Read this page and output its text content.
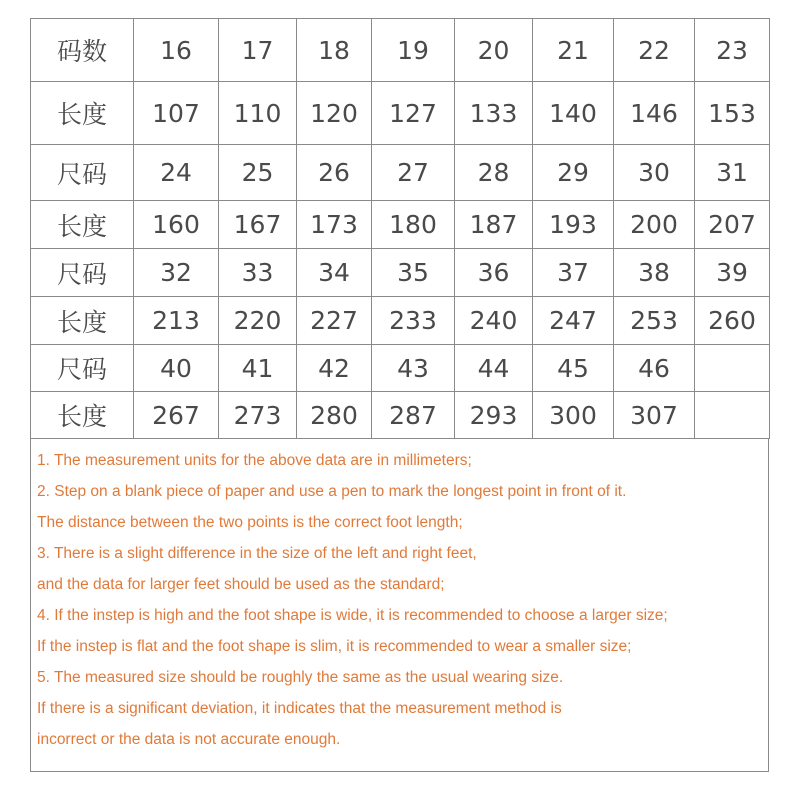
码数	16	17	18	19	20	21	22	23
长度	107	110	120	127	133	140	146	153
尺码	24	25	26	27	28	29	30	31
长度	160	167	173	180	187	193	200	207
尺码	32	33	34	35	36	37	38	39
长度	213	220	227	233	240	247	253	260
尺码	40	41	42	43	44	45	46	
长度	267	273	280	287	293	300	307	
1. The measurement units for the above data are in millimeters;
2. Step on a blank piece of paper and use a pen to mark the longest point in front of it.
The distance between the two points is the correct foot length;
3. There is a slight difference in the size of the left and right feet,
and the data for larger feet should be used as the standard;
4. If the instep is high and the foot shape is wide, it is recommended to choose a larger size;
If the instep is flat and the foot shape is slim, it is recommended to wear a smaller size;
5. The measured size should be roughly the same as the usual wearing size.
If there is a significant deviation, it indicates that the measurement method is
incorrect or the data is not accurate enough.
